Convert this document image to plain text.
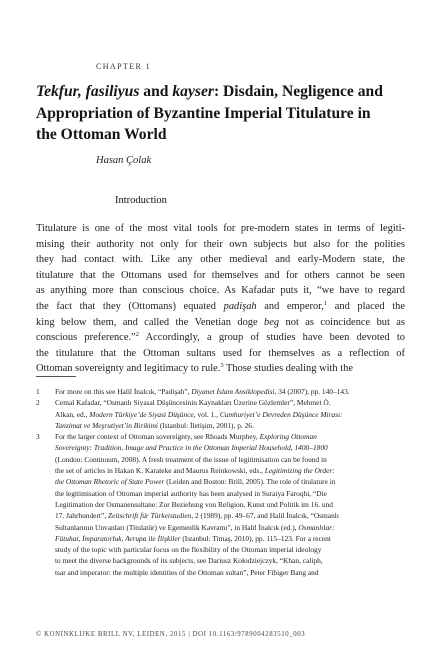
CHAPTER 1
Tekfur, fasiliyus and kayser: Disdain, Negligence and
Appropriation of Byzantine Imperial Titulature in
the Ottoman World
Hasan Çolak
Introduction
Titulature is one of the most vital tools for pre-modern states in terms of legiti-
mising their authority not only for their own subjects but also for the polities
they had contact with. Like any other medieval and early-Modern state, the
titulature that the Ottomans used for themselves and for others cannot be seen
as anything more than conscious choice. As Kafadar puts it, “we have to regard
the fact that they (Ottomans) equated padişah and emperor,$^1$ and placed the
king below them, and called the Venetian doge beg not as coincidence but as
conscious preference.”$^2$ Accordingly, a group of studies have been devoted to
the titulature that the Ottoman sultans used for themselves as a reflection of
Ottoman sovereignty and legitimacy to rule.$^3$ Those studies dealing with the
1 For more on this see Halil İnalcık, “Padişah”, Diyanet İslam Ansiklopedisi, 34 (2007), pp. 140–143.
2 Cemal Kafadar, “Osmanlı Siyasal Düşüncesinin Kaynakları Üzerine Gözlemler”, Mehmet Ö.
Alkan, ed., Modern Türkiye’de Siyasi Düşünce, vol. 1., Cumhuriyet’e Devreden Düşünce Mirası:
Tanzimat ve Meşrutiyet’in Birikimi (Istanbul: İletişim, 2001), p. 26.
3 For the larger context of Ottoman sovereignty, see Rhoads Murphey, Exploring Ottoman
Sovereignty: Tradition, Image and Practice in the Ottoman Imperial Household, 1400–1800
(London: Continuum, 2008). A fresh treatment of the issue of legitimisation can be found in
the set of articles in Hakan K. Karateke and Maurus Reinkowski, eds., Legitimizing the Order:
the Ottoman Rhetoric of State Power (Leiden and Boston: Brill, 2005). The role of titulature in
the legitimisation of Ottoman imperial authority has been analysed in Suraiya Faroqhi, “Die
Legitimation der Osmanensultane: Zur Beziehung von Religion, Kunst und Politik im 16. und
17. Jahrhundert”, Zeitschrift für Türkeistudien, 2 (1989), pp. 49–67, and Halil İnalcık, “Osmanlı
Sultanlarının Unvanları (Titulatür) ve Egemenlik Kavramı”, in Halil İnalcık (ed.), Osmanlılar:
Fütuhat, İmparatorluk, Avrupa ile İlişkiler (Istanbul: Timaş, 2010), pp. 115–123. For a recent
study of the topic with particular focus on the flexibility of the Ottoman imperial ideology
to meet the diverse backgrounds of its subjects, see Dariusz Kołodziejczyk, “Khan, caliph,
tsar and imperator: the multiple identities of the Ottoman sultan”, Peter Fibiger Bang and
© KONINKLIJKE BRILL NV, LEIDEN, 2015 | DOI 10.1163/9789004283510_003
